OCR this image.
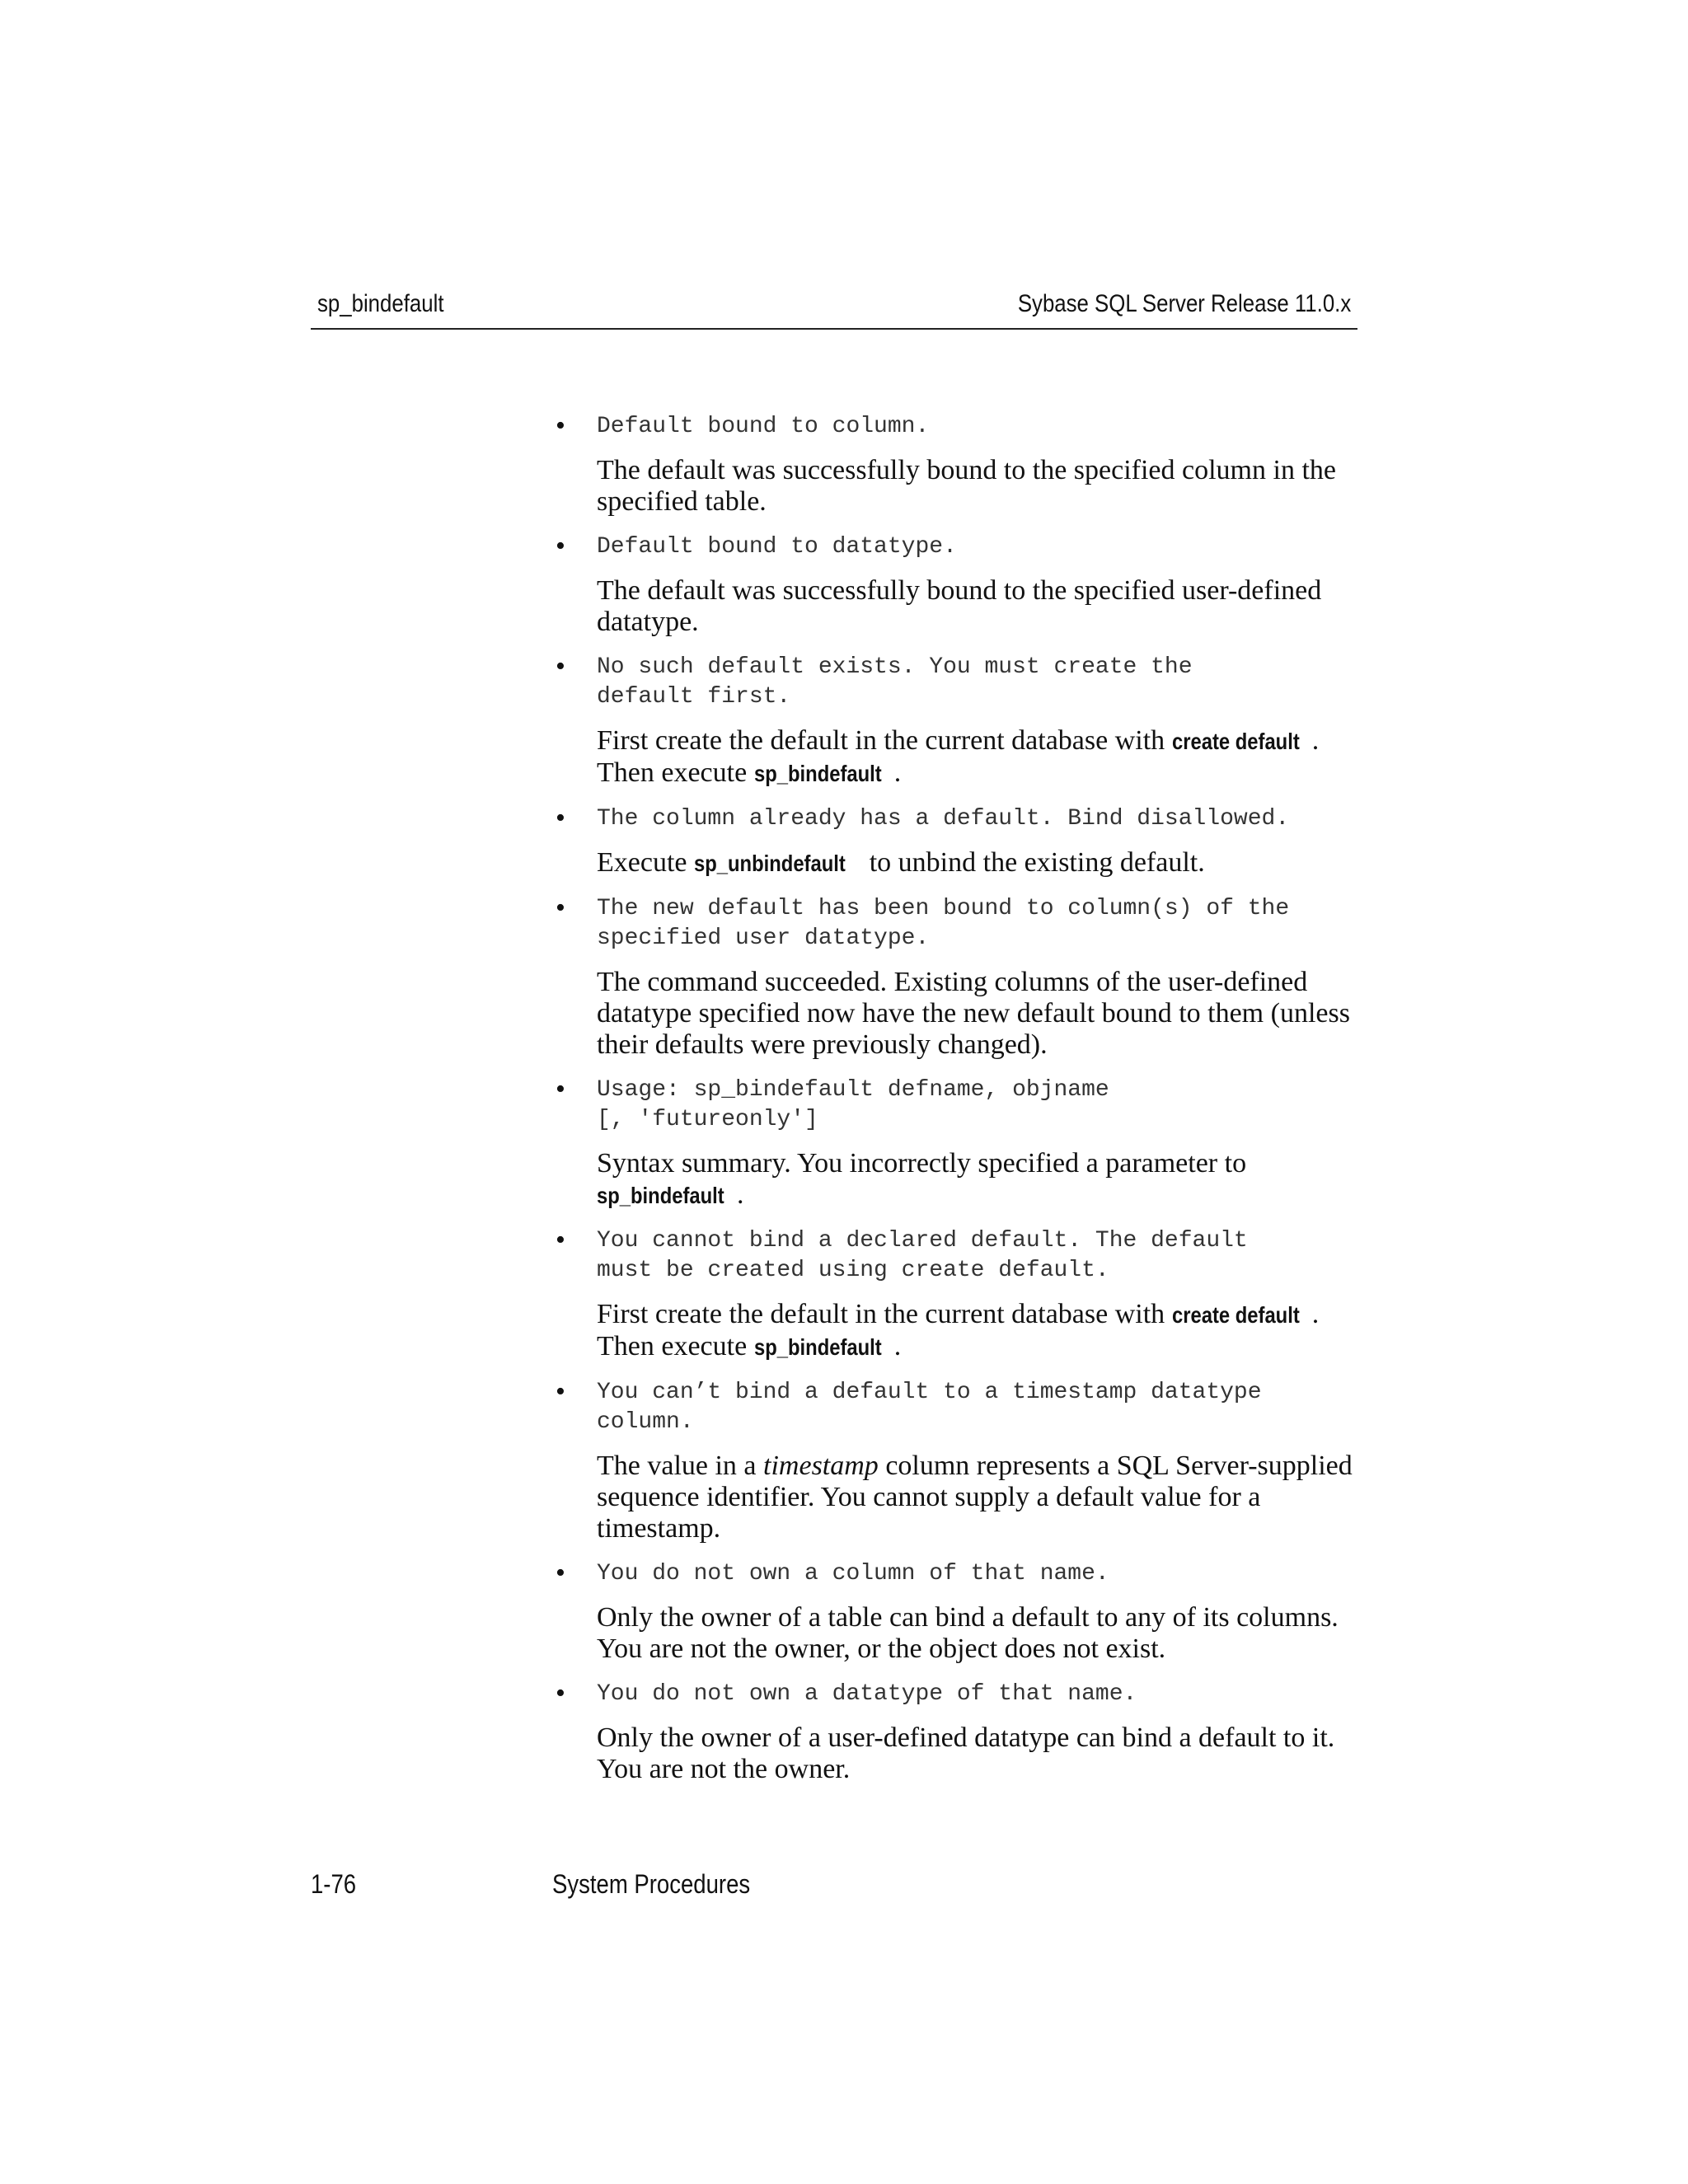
sp_bindefault	Sybase SQL Server Release 11.0.x
• Default bound to column.
The default was successfully bound to the specified column in the specified table.
• Default bound to datatype.
The default was successfully bound to the specified user-defined datatype.
• No such default exists. You must create the
default first.
First create the default in the current database with create default .
Then execute sp_bindefault .
• The column already has a default. Bind disallowed.
Execute sp_unbindefault to unbind the existing default.
• The new default has been bound to column(s) of the
specified user datatype.
The command succeeded. Existing columns of the user-defined datatype specified now have the new default bound to them (unless their defaults were previously changed).
• Usage: sp_bindefault defname, objname
[, 'futureonly']
Syntax summary. You incorrectly specified a parameter to
sp_bindefault .
• You cannot bind a declared default. The default
must be created using create default.
First create the default in the current database with create default .
Then execute sp_bindefault .
• You can’t bind a default to a timestamp datatype
column.
The value in a timestamp column represents a SQL Server-supplied sequence identifier. You cannot supply a default value for a timestamp.
• You do not own a column of that name.
Only the owner of a table can bind a default to any of its columns. You are not the owner, or the object does not exist.
• You do not own a datatype of that name.
Only the owner of a user-defined datatype can bind a default to it. You are not the owner.
1-76	System Procedures
